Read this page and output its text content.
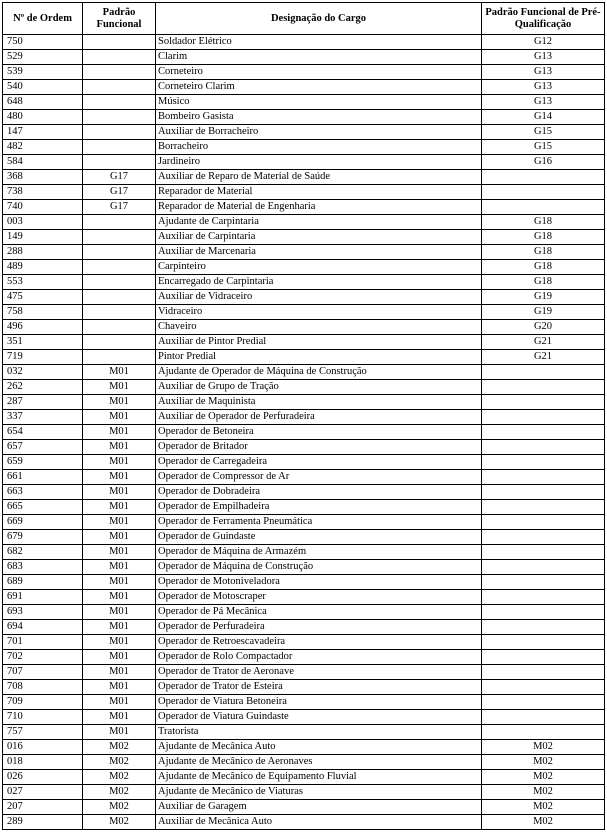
Nº de Ordem	Padrão Funcional	Designação do Cargo	Padrão Funcional de Pré-Qualificação
750		Soldador Elétrico	G12
529		Clarim	G13
539		Corneteiro	G13
540		Corneteiro Clarim	G13
648		Músico	G13
480		Bombeiro Gasista	G14
147		Auxiliar de Borracheiro	G15
482		Borracheiro	G15
584		Jardineiro	G16
368	G17	Auxiliar de Reparo de Material de Saúde	
738	G17	Reparador de Material	
740	G17	Reparador de Material de Engenharia	
003		Ajudante de Carpintaria	G18
149		Auxiliar de Carpintaria	G18
288		Auxiliar de Marcenaria	G18
489		Carpinteiro	G18
553		Encarregado de Carpintaria	G18
475		Auxiliar de Vidraceiro	G19
758		Vidraceiro	G19
496		Chaveiro	G20
351		Auxiliar de Pintor Predial	G21
719		Pintor Predial	G21
032	M01	Ajudante de Operador de Máquina de Construção	
262	M01	Auxiliar de Grupo de Tração	
287	M01	Auxiliar de Maquinista	
337	M01	Auxiliar de Operador de Perfuradeira	
654	M01	Operador de Betoneira	
657	M01	Operador de Britador	
659	M01	Operador de Carregadeira	
661	M01	Operador de Compressor de Ar	
663	M01	Operador de Dobradeira	
665	M01	Operador de Empilhadeira	
669	M01	Operador de Ferramenta Pneumática	
679	M01	Operador de Guindaste	
682	M01	Operador de Máquina de Armazém	
683	M01	Operador de Máquina de Construção	
689	M01	Operador de Motoniveladora	
691	M01	Operador de Motoscraper	
693	M01	Operador de Pá Mecânica	
694	M01	Operador de Perfuradeira	
701	M01	Operador de Retroescavadeira	
702	M01	Operador de Rolo Compactador	
707	M01	Operador de Trator de Aeronave	
708	M01	Operador de Trator de Esteira	
709	M01	Operador de Viatura Betoneira	
710	M01	Operador de Viatura Guindaste	
757	M01	Tratorista	
016	M02	Ajudante de Mecânica Auto	M02
018	M02	Ajudante de Mecânico de Aeronaves	M02
026	M02	Ajudante de Mecânico de Equipamento Fluvial	M02
027	M02	Ajudante de Mecânico de Viaturas	M02
207	M02	Auxiliar de Garagem	M02
289	M02	Auxiliar de Mecânica Auto	M02
